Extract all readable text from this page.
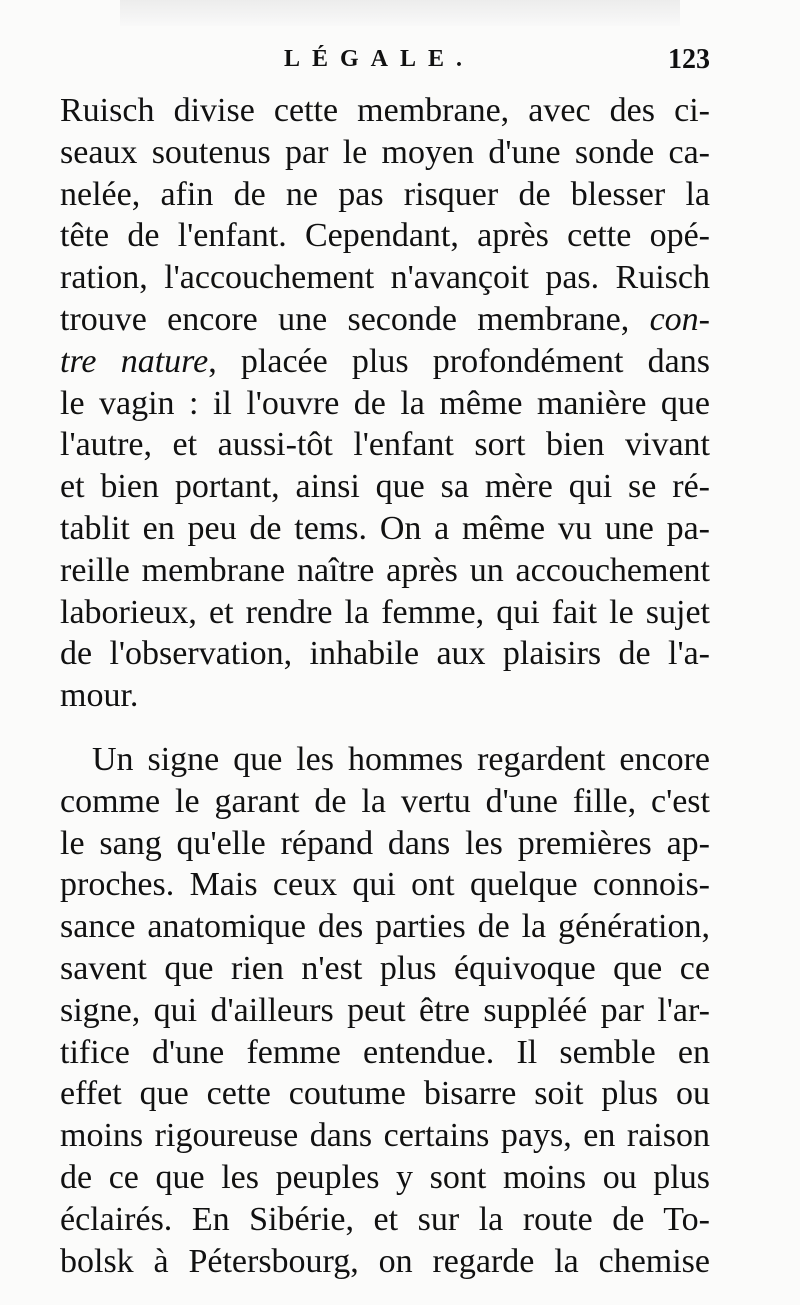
LÉGALE.	123
Ruisch divise cette membrane, avec des ci-
seaux soutenus par le moyen d'une sonde ca-
nelée, afin de ne pas risquer de blesser la
tête de l'enfant. Cependant, après cette opé-
ration, l'accouchement n'avançoit pas. Ruisch
trouve encore une seconde membrane, con-
tre nature, placée plus profondément dans
le vagin : il l'ouvre de la même manière que
l'autre, et aussi-tôt l'enfant sort bien vivant
et bien portant, ainsi que sa mère qui se ré-
tablit en peu de tems. On a même vu une pa-
reille membrane naître après un accouchement
laborieux, et rendre la femme, qui fait le sujet
de l'observation, inhabile aux plaisirs de l'a-
mour.
Un signe que les hommes regardent encore
comme le garant de la vertu d'une fille, c'est
le sang qu'elle répand dans les premières ap-
proches. Mais ceux qui ont quelque connois-
sance anatomique des parties de la génération,
savent que rien n'est plus équivoque que ce
signe, qui d'ailleurs peut être suppléé par l'ar-
tifice d'une femme entendue. Il semble en
effet que cette coutume bisarre soit plus ou
moins rigoureuse dans certains pays, en raison
de ce que les peuples y sont moins ou plus
éclairés. En Sibérie, et sur la route de To-
bolsk à Pétersbourg, on regarde la chemise
